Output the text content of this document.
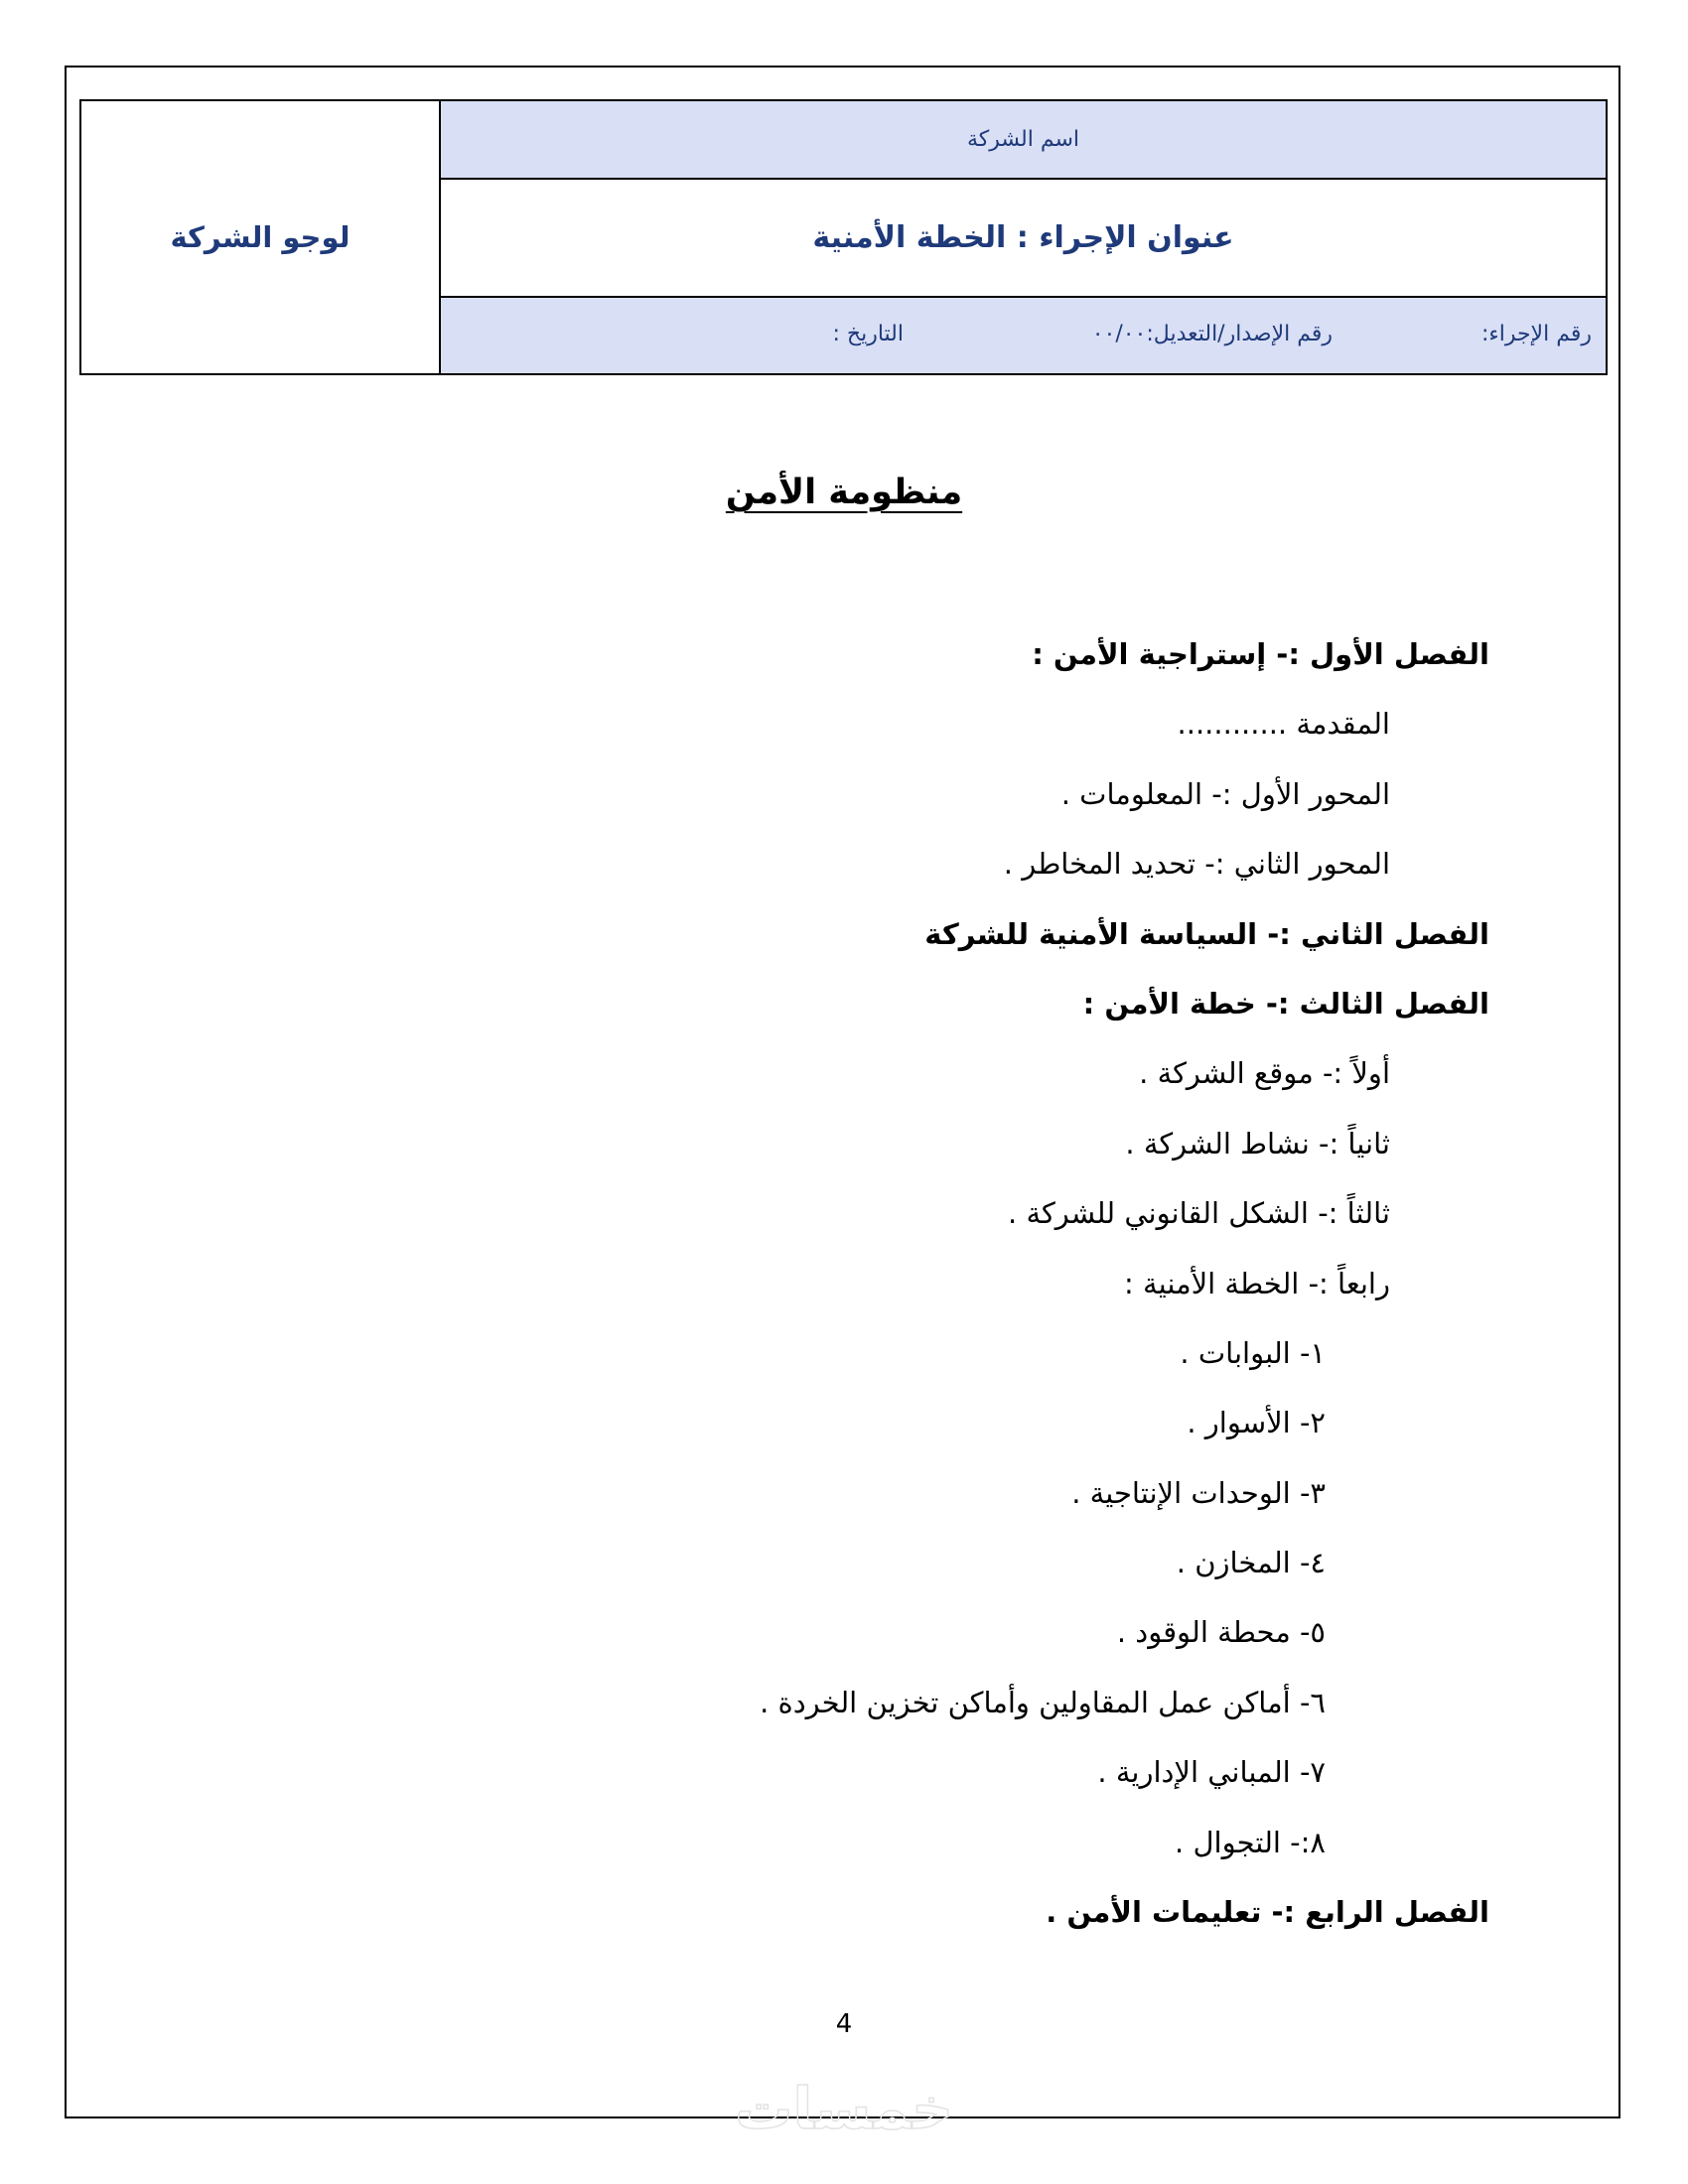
اسم الشركة
عنوان الإجراء : الخطة الأمنية
رقم الإجراء:
رقم الإصدار/التعديل:٠٠/٠٠
التاريخ :
لوجو الشركة
منظومة الأمن
الفصل الأول :- إستراجية الأمن :
المقدمة ............
المحور الأول :- المعلومات .
المحور الثاني :- تحديد المخاطر .
الفصل الثاني :- السياسة الأمنية للشركة
الفصل الثالث :- خطة الأمن :
أولاً :- موقع الشركة .
ثانياً :- نشاط الشركة .
ثالثاً :- الشكل القانوني للشركة .
رابعاً :- الخطة الأمنية :
١- البوابات .
٢- الأسوار .
٣- الوحدات الإنتاجية .
٤- المخازن .
٥- محطة الوقود .
٦- أماكن عمل المقاولين وأماكن تخزين الخردة .
٧- المباني الإدارية .
٨:- التجوال .
الفصل الرابع :- تعليمات الأمن .
4
خمسات
